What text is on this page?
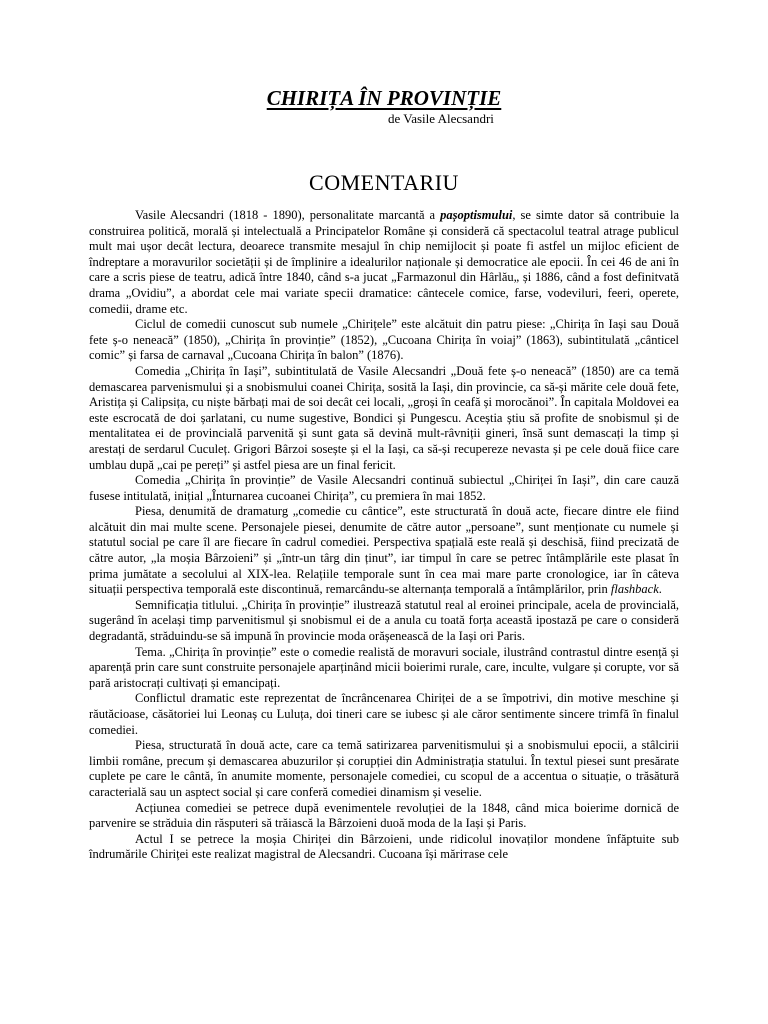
CHIRIȚA ÎN PROVINȚIE

de Vasile Alecsandri

COMENTARIU

Vasile Alecsandri (1818 - 1890), personalitate marcantă a pașoptismului, se simte dator să contribuie la construirea politică, morală și intelectuală a Principatelor Române și consideră că spectacolul teatral atrage publicul mult mai ușor decât lectura, deoarece transmite mesajul în chip nemijlocit și poate fi astfel un mijloc eficient de îndreptare a moravurilor societății și de împlinire a idealurilor naționale și democratice ale epocii. În cei 46 de ani în care a scris piese de teatru, adică între 1840, când s-a jucat „Farmazonul din Hârlău„ și 1886, când a fost definitvată drama „Ovidiu”, a abordat cele mai variate specii dramatice: cântecele comice, farse, vodeviluri, feeri, operete, comedii, drame etc.

Ciclul de comedii cunoscut sub numele „Chirițele” este alcătuit din patru piese: „Chirița în Iași sau Două fete ș-o neneacă” (1850), „Chirița în provinție” (1852), „Cucoana Chirița în voiaj” (1863), subintitulată „cânticel comic” și farsa de carnaval „Cucoana Chirița în balon” (1876).

Comedia „Chirița în Iași”, subintitulată de Vasile Alecsandri „Două fete ș-o neneacă” (1850) are ca temă demascarea parvenismului și a snobismului coanei Chirița, sosită la Iași, din provincie, ca să-și mărite cele două fete, Aristița și Calipsița, cu niște bărbați mai de soi decât cei locali, „groși în ceafă și morocănoi”. În capitala Moldovei ea este escrocată de doi șarlatani, cu nume sugestive, Bondici și Pungescu. Aceștia știu să profite de snobismul și de mentalitatea ei de provincială parvenită și sunt gata să devină mult-râvniții gineri, însă sunt demascați la timp și arestați de serdarul Cuculeț. Grigori Bârzoi sosește și el la Iași, ca să-și recupereze nevasta și pe cele două fiice care umblau după „cai pe pereți” și astfel piesa are un final fericit.

Comedia „Chirița în provinție” de Vasile Alecsandri continuă subiectul „Chiriței în Iași”, din care cauză fusese intitulată, inițial „Înturnarea cucoanei Chirița”, cu premiera în mai 1852.

Piesa, denumită de dramaturg „comedie cu cântice”, este structurată în două acte, fiecare dintre ele fiind alcătuit din mai multe scene. Personajele piesei, denumite de către autor „persoane”, sunt menționate cu numele și statutul social pe care îl are fiecare în cadrul comediei. Perspectiva spațială este reală și deschisă, fiind precizată de către autor, „la moșia Bârzoienі” și „într-un târg din ținut”, iar timpul în care se petrec întâmplările este plasat în prima jumătate a secolului al XIX-lea. Relațiile temporale sunt în cea mai mare parte cronologice, iar în câteva situații perspectiva temporală este discontinuă, remarcându-se alternanța temporală a întâmplărilor, prin flashback.

Semnificația titlului. „Chirița în provinție” ilustrează statutul real al eroinei principale, acela de provincială, sugerând în același timp parvenitismul și snobismul ei de a anula cu toată forța această ipostază pe care o consideră degradantă, străduindu-se să impună în provincie moda orășenească de la Iași ori Paris.

Tema. „Chirița în provinție” este o comedie realistă de moravuri sociale, ilustrând contrastul dintre esență și aparență prin care sunt construite personajele aparținând micii boierimi rurale, care, inculte, vulgare și corupte, vor să pară aristocrați cultivați și emancipați.

Conflictul dramatic este reprezentat de încrâncenarea Chiriței de a se împotrivi, din motive meschine și răutăcioase, căsătoriei lui Leonaș cu Luluța, doi tineri care se iubesc și ale căror sentimente sincere trimfă în finalul comediei.

Piesa, structurată în două acte, care ca temă satirizarea parvenitismului și a snobismului epocii, a stâlcirii limbii române, precum și demascarea abuzurilor și corupției din Administrația statului. În textul piesei sunt presărate cuplete pe care le cântă, în anumite momente, personajele comediei, cu scopul de a accentua o situație, o trăsătură caracterială sau un asptect social și care conferă comediei dinamism și veselie.

Acțiunea comediei se petrece după evenimentele revoluției de la 1848, când mica boierime dornică de parvenire se străduia din răsputeri să trăiască la Bârzoieni duoă moda de la Iași și Paris.

Actul I se petrece la moșia Chiriței din Bârzoieni, unde ridicolul inovaților mondene înfăptuite sub îndrumările Chiriței este realizat magistral de Alecsandri. Cucoana își mărітаse cele
